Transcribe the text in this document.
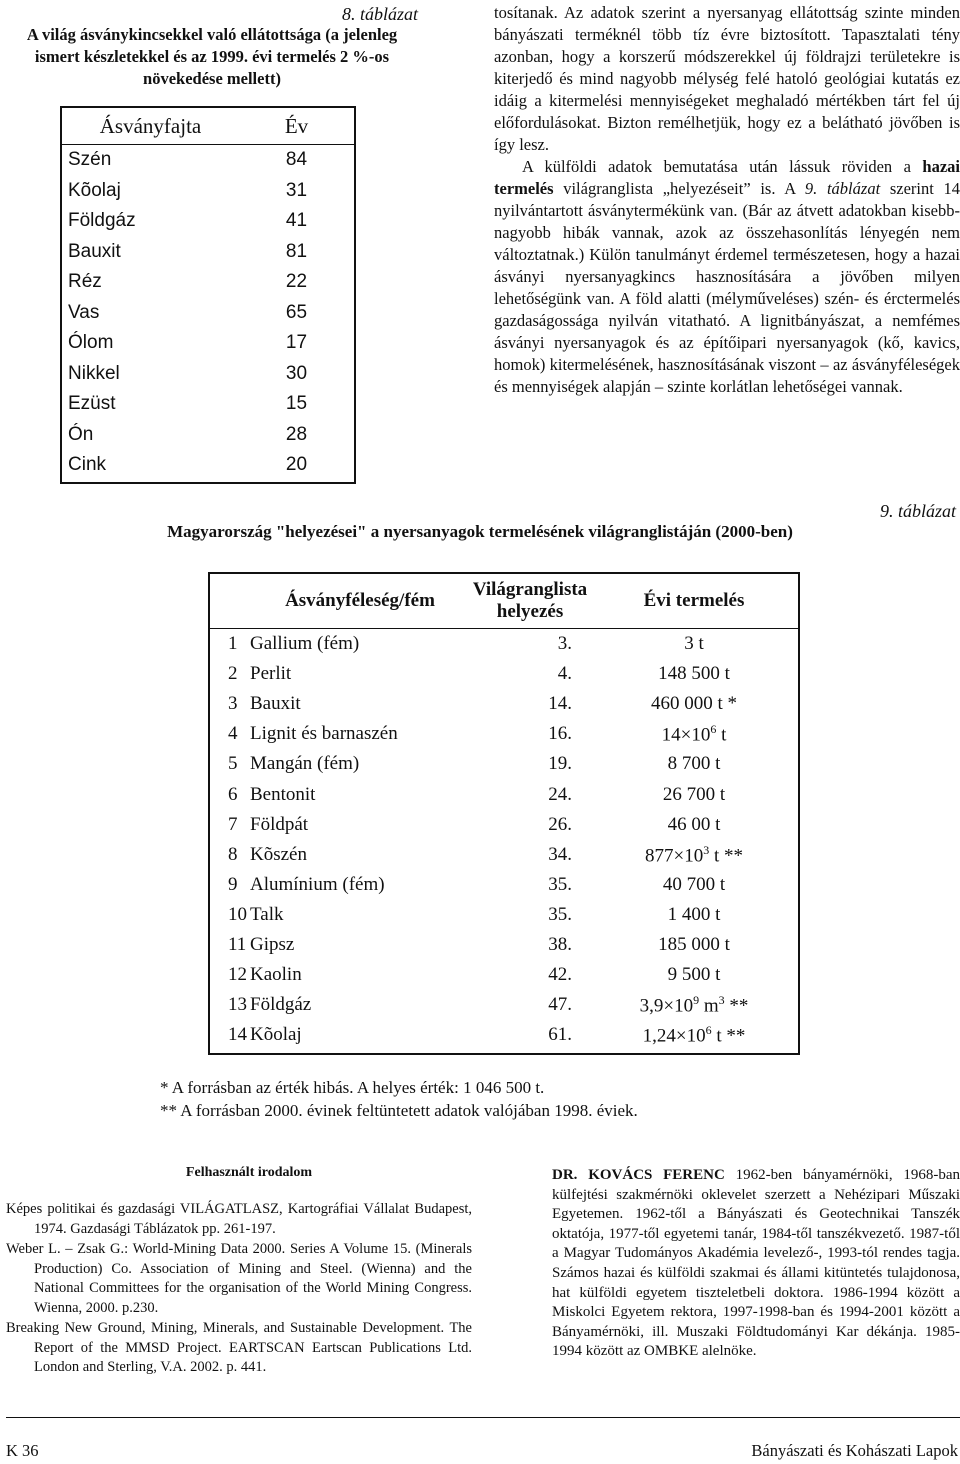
8. táblázat
A világ ásványkincsekkel való ellátottsága (a jelenleg ismert készletekkel és az 1999. évi termelés 2 %-os növekedése mellett)
Ásványfajta	Év
Szén	84
Kõolaj	31
Földgáz	41
Bauxit	81
Réz	22
Vas	65
Ólom	17
Nikkel	30
Ezüst	15
Ón	28
Cink	20

tosítanak. Az adatok szerint a nyersanyag ellátottság szinte minden bányászati terméknél több tíz évre biztosított. Tapasztalati tény azonban, hogy a korszerű módszerekkel új földrajzi területekre is kiterjedő és mind nagyobb mélység felé hatoló geológiai kutatás ez idáig a kitermelési mennyiségeket meghaladó mértékben tárt fel új előfordulásokat. Bizton remélhetjük, hogy ez a belátható jövőben is így lesz.

A külföldi adatok bemutatása után lássuk röviden a hazai termelés világranglista „helyezéseit” is. A 9. táblázat szerint 14 nyilvántartott ásványtermékünk van. (Bár az átvett adatokban kisebb-nagyobb hibák vannak, azok az összehasonlítás lényegén nem változtatnak.) Külön tanulmányt érdemel természetesen, hogy a hazai ásványi nyersanyagkincs hasznosítására a jövőben milyen lehetőségünk van. A föld alatti (mélyműveléses) szén- és érctermelés gazdaságossága nyilván vitatható. A lignitbányászat, a nemfémes ásványi nyersanyagok és az építőipari nyersanyagok (kő, kavics, homok) kitermelésének, hasznosításának viszont – az ásványféleségek és mennyiségek alapján – szinte korlátlan lehetőségei vannak.

9. táblázat
Magyarország "helyezései" a nyersanyagok termelésének világranglistáján (2000-ben)
	Ásványféleség/fém	Világranglista helyezés	Évi termelés
1	Gallium (fém)	3.	3 t
2	Perlit	4.	148 500 t
3	Bauxit	14.	460 000 t *
4	Lignit és barnaszén	16.	$14\times 10^6$ t
5	Mangán (fém)	19.	8 700 t
6	Bentonit	24.	26 700 t
7	Földpát	26.	46 00 t
8	Kõszén	34.	$877\times 10^3$ t **
9	Alumínium (fém)	35.	40 700 t
10	Talk	35.	1 400 t
11	Gipsz	38.	185 000 t
12	Kaolin	42.	9 500 t
13	Földgáz	47.	$3,9\times 10^9$ $m^3$ **
14	Kõolaj	61.	$1,24\times 10^6$ t **
* A forrásban az érték hibás. A helyes érték: 1 046 500 t.
** A forrásban 2000. évinek feltüntetett adatok valójában 1998. éviek.
Felhasznált irodalom

Képes politikai és gazdasági VILÁGATLASZ, Kartográfiai Vállalat Budapest, 1974. Gazdasági Táblázatok pp. 261-197.

Weber L. – Zsak G.: World-Mining Data 2000. Series A Volume 15. (Minerals Production) Co. Association of Mining and Steel. (Wienna) and the National Committees for the organisation of the World Mining Congress. Wienna, 2000. p.230.

Breaking New Ground, Mining, Minerals, and Sustainable Development. The Report of the MMSD Project. EARTSCAN Eartscan Publications Ltd. London and Sterling, V.A. 2002. p. 441.

DR. KOVÁCS FERENC 1962-ben bányamérnöki, 1968-ban külfejtési szakmérnöki oklevelet szerzett a Nehézipari Műszaki Egyetemen. 1962-től a Bányászati és Geotechnikai Tanszék oktatója, 1977-től egyetemi tanár, 1984-től tanszékvezető. 1987-től a Magyar Tudományos Akadémia levelező-, 1993-tól rendes tagja. Számos hazai és külföldi szakmai és állami kitüntetés tulajdonosa, hat külföldi egyetem tiszteletbeli doktora. 1986-1994 között a Miskolci Egyetem rektora, 1997-1998-ban és 1994-2001 között a Bányamérnöki, ill. Muszaki Földtudományi Kar dékánja. 1985-1994 között az OMBKE alelnöke.
K 36	Bányászati és Kohászati Lapok
